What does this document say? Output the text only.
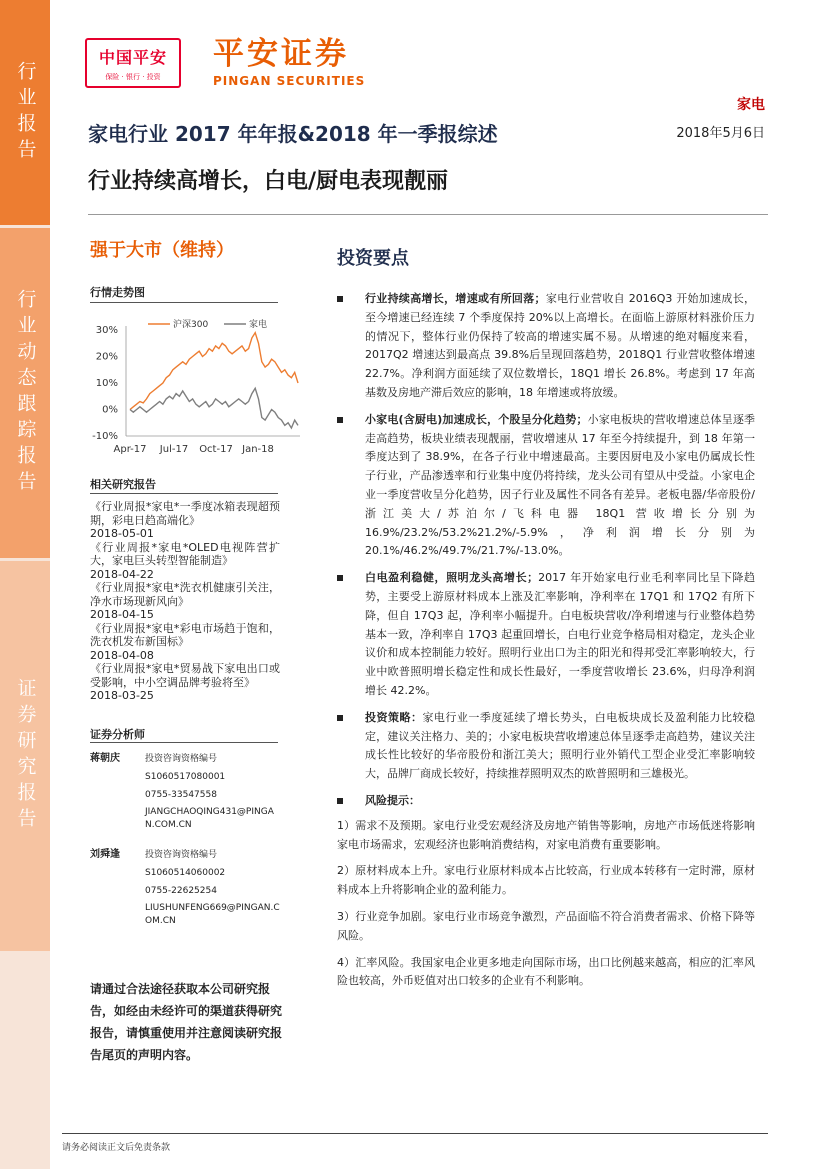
行业报告
行业动态跟踪报告
证券研究报告
中国平安
保险 · 银行 · 投资
平安证券
PINGAN SECURITIES
家电
2018年5月6日
家电行业 2017 年年报&2018 年一季报综述
行业持续高增长，白电/厨电表现靓丽
强于大市（维持）
行情走势图
30%
20%
10%
0%
-10%
Apr-17 Jul-17 Oct-17 Jan-18
沪深300	家电
相关研究报告
《行业周报*家电*一季度冰箱表现超预期，彩电日趋高端化》
2018-05-01
《行业周报*家电*OLED电视阵营扩大，家电巨头转型智能制造》
2018-04-22
《行业周报*家电*洗衣机健康引关注，净水市场现新风向》
2018-04-15
《行业周报*家电*彩电市场趋于饱和，洗衣机发布新国标》
2018-04-08
《行业周报*家电*贸易战下家电出口或受影响，中小空调品牌考验将至》
2018-03-25
证券分析师
蒋朝庆	投资咨询资格编号
S1060517080001
0755-33547558
JIANGCHAOQING431@PINGAN.COM.CN
刘舜逢	投资咨询资格编号
S1060514060002
0755-22625254
LIUSHUNFENG669@PINGAN.COM.CN
请通过合法途径获取本公司研究报告，如经由未经许可的渠道获得研究报告，请慎重使用并注意阅读研究报告尾页的声明内容。
投资要点
行业持续高增长，增速或有所回落；家电行业营收自 2016Q3 开始加速成长，至今增速已经连续 7 个季度保持 20%以上高增长。在面临上游原材料涨价压力的情况下，整体行业仍保持了较高的增速实属不易。从增速的绝对幅度来看，2017Q2 增速达到最高点 39.8%后呈现回落趋势，2018Q1 行业营收整体增速 22.7%。净利润方面延续了双位数增长，18Q1 增长 26.8%。考虑到 17 年高基数及房地产滞后效应的影响，18 年增速或将放缓。
小家电(含厨电)加速成长，个股呈分化趋势；小家电板块的营收增速总体呈逐季走高趋势，板块业绩表现靓丽，营收增速从 17 年至今持续提升，到 18 年第一季度达到了 38.9%，在各子行业中增速最高。主要因厨电及小家电仍属成长性子行业，产品渗透率和行业集中度仍将持续，龙头公司有望从中受益。小家电企业一季度营收呈分化趋势，因子行业及属性不同各有差异。老板电器/华帝股份/浙江美大/苏泊尔/飞科电器 18Q1 营收增长分别为 16.9%/23.2%/53.2%21.2%/-5.9%，净利润增长分别为 20.1%/46.2%/49.7%/21.7%/-13.0%。
白电盈利稳健，照明龙头高增长；2017 年开始家电行业毛利率同比呈下降趋势，主要受上游原材料成本上涨及汇率影响，净利率在 17Q1 和 17Q2 有所下降，但自 17Q3 起，净利率小幅提升。白电板块营收/净利增速与行业整体趋势基本一致，净利率自 17Q3 起重回增长，白电行业竞争格局相对稳定，龙头企业议价和成本控制能力较好。照明行业出口为主的阳光和得邦受汇率影响较大，行业中欧普照明增长稳定性和成长性最好，一季度营收增长 23.6%，归母净利润增长 42.2%。
投资策略：家电行业一季度延续了增长势头，白电板块成长及盈利能力比较稳定，建议关注格力、美的；小家电板块营收增速总体呈逐季走高趋势，建议关注成长性比较好的华帝股份和浙江美大；照明行业外销代工型企业受汇率影响较大，品牌厂商成长较好，持续推荐照明双杰的欧普照明和三雄极光。
风险提示：
1）需求不及预期。家电行业受宏观经济及房地产销售等影响，房地产市场低迷将影响家电市场需求，宏观经济也影响消费结构，对家电消费有重要影响。
2）原材料成本上升。家电行业原材料成本占比较高，行业成本转移有一定时滞，原材料成本上升将影响企业的盈利能力。
3）行业竞争加剧。家电行业市场竞争激烈，产品面临不符合消费者需求、价格下降等风险。
4）汇率风险。我国家电企业更多地走向国际市场，出口比例越来越高，相应的汇率风险也较高，外币贬值对出口较多的企业有不利影响。
请务必阅读正文后免责条款
